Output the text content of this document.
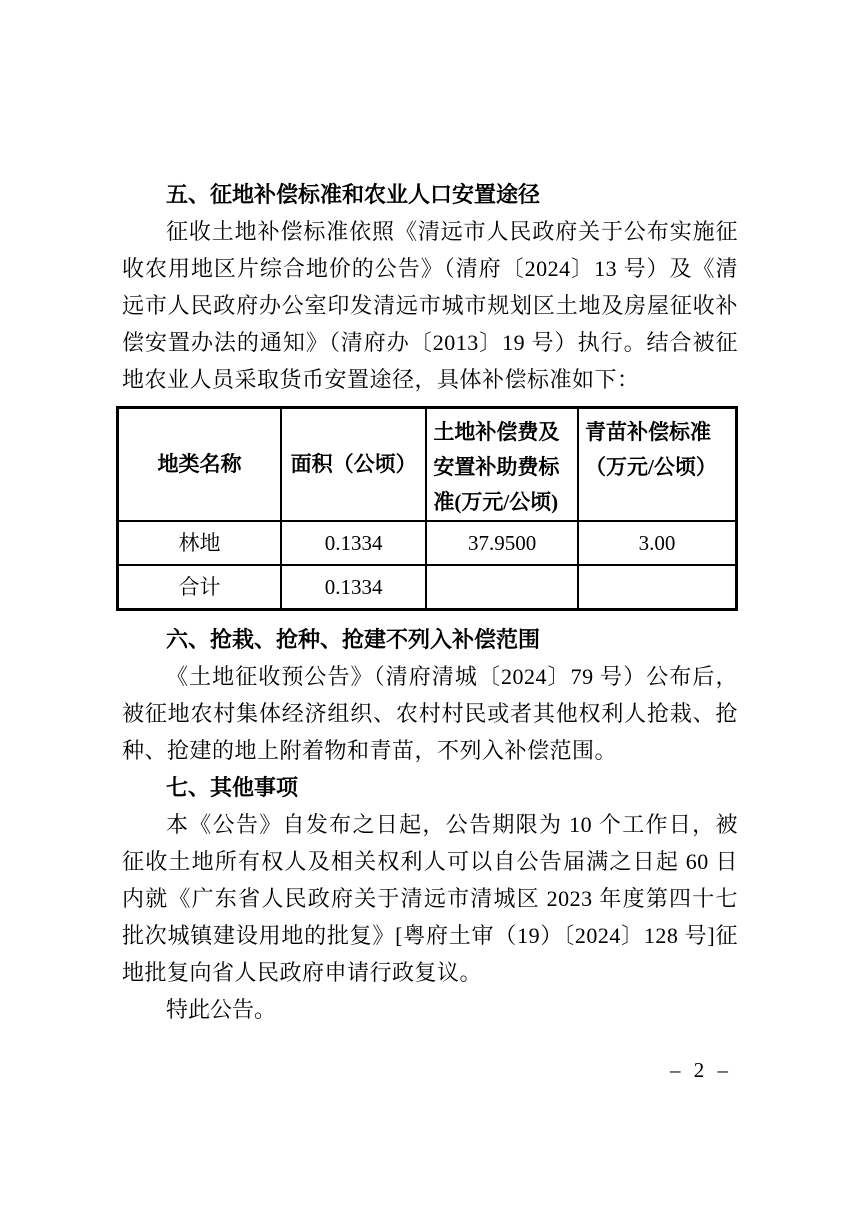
五、征地补偿标准和农业人口安置途径

征收土地补偿标准依照《清远市人民政府关于公布实施征收农用地区片综合地价的公告》（清府〔2024〕13 号）及《清远市人民政府办公室印发清远市城市规划区土地及房屋征收补偿安置办法的通知》（清府办〔2013〕19 号）执行。结合被征地农业人员采取货币安置途径，具体补偿标准如下：

地类名称	面积（公顷）	土地补偿费及安置补助费标准(万元/公顷)	青苗补偿标准（万元/公顷）
林地	0.1334	37.9500	3.00
合计	0.1334		
六、抢栽、抢种、抢建不列入补偿范围

《土地征收预公告》（清府清城〔2024〕79 号）公布后，被征地农村集体经济组织、农村村民或者其他权利人抢栽、抢种、抢建的地上附着物和青苗，不列入补偿范围。

七、其他事项

本《公告》自发布之日起，公告期限为 10 个工作日，被征收土地所有权人及相关权利人可以自公告届满之日起 60 日内就《广东省人民政府关于清远市清城区 2023 年度第四十七批次城镇建设用地的批复》[粤府土审（19）〔2024〕128 号]征地批复向省人民政府申请行政复议。

特此公告。

– 2 –
